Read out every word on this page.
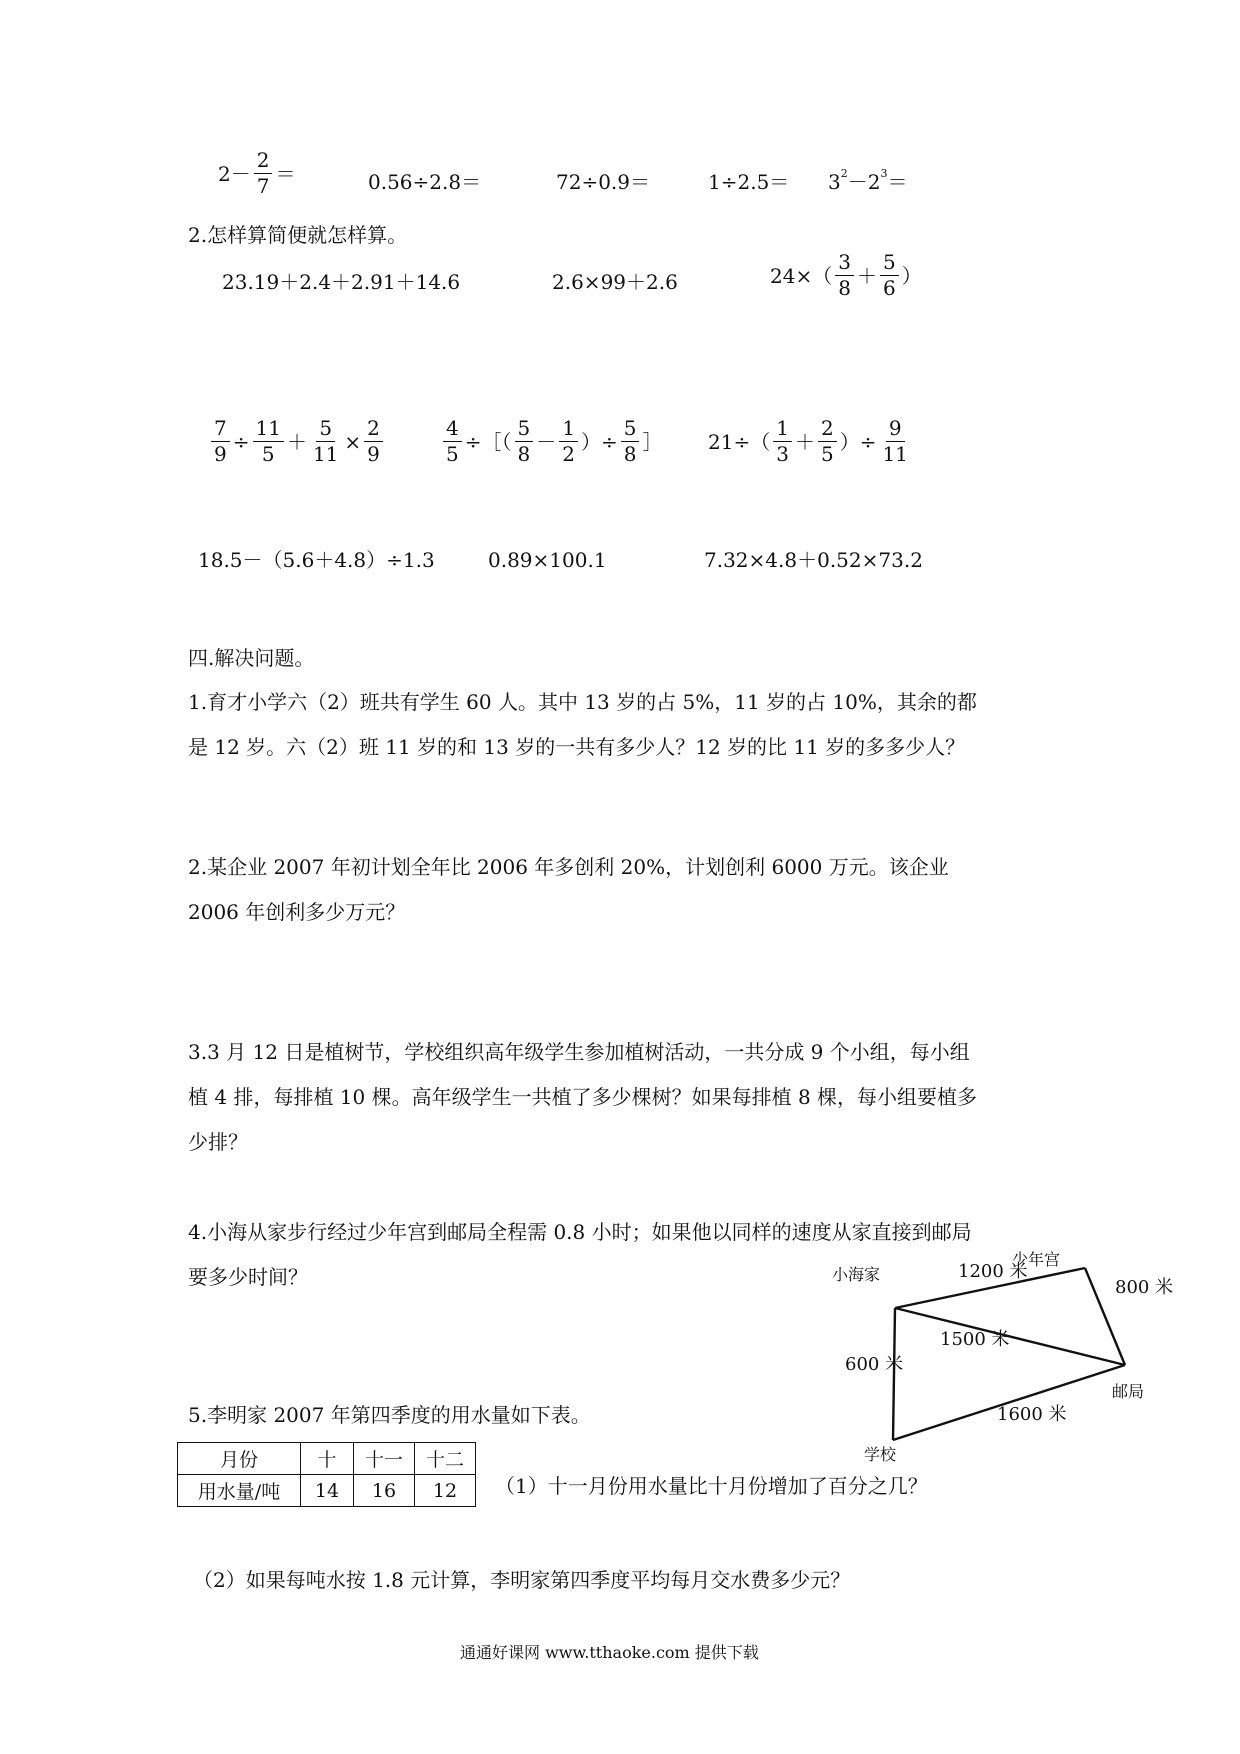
$2- \frac{2}{7}$ ＝	0.56÷2.8＝	72÷0.9＝	$1\div 2.5= 3^2-2^3=$
2.怎样算简便就怎样算。
23.19＋2.4＋2.91＋14.6	2.6×99＋2.6	$24\times( \frac{3}{8} + \frac{5}{6}$ ）
$\frac{7}{9} \div \frac{11}{5} + \frac{5}{11} \times \frac{2}{9}$	$\frac{4}{5}$ ÷［（ $\frac{5}{8} - \frac{1}{2}$ ）÷ $\frac{5}{8}$ ］ $21\div( \frac{1}{3} + \frac{2}{5}$ ）÷ $\frac{9}{11}$
18.5－（5.6＋4.8）÷1.3	0.89×100.1	7.32×4.8＋0.52×73.2
四.解决问题。
1.育才小学六（2）班共有学生 60 人。其中 13 岁的占 5%，11 岁的占 10%，其余的都是 12 岁。六（2）班 11 岁的和 13 岁的一共有多少人？12 岁的比 11 岁的多多少人？
2.某企业 2007 年初计划全年比 2006 年多创利 20%，计划创利 6000 万元。该企业 2006 年创利多少万元？
3.3 月 12 日是植树节，学校组织高年级学生参加植树活动，一共分成 9 个小组，每小组植 4 排，每排植 10 棵。高年级学生一共植了多少棵树？如果每排植 8 棵，每小组要植多少排？
4.小海从家步行经过少年宫到邮局全程需 0.8 小时；如果他以同样的速度从家直接到邮局要多少时间？
5.李明家 2007 年第四季度的用水量如下表。
小海家
少年宫
邮局
学校
1200 米
800 米
1500 米
600 米
1600 米
月份	十	十一	十二
用水量/吨	14	16	12 （1）十一月份用水量比十月份增加了百分之几？
（2）如果每吨水按 1.8 元计算，李明家第四季度平均每月交水费多少元？
通通好课网 www.tthaoke.com 提供下载
